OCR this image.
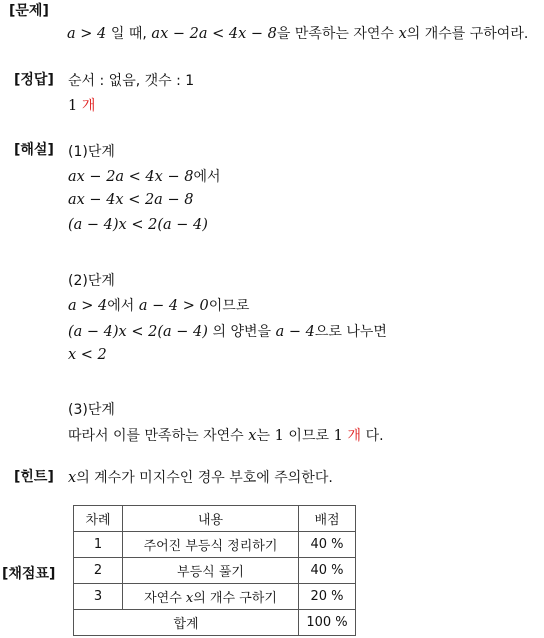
[문제]
[정답]
[해설]
[힌트]
[채점표]
a > 4 일 때, ax − 2a < 4x − 8을 만족하는 자연수 x의 개수를 구하여라.
순서 : 없음, 갯수 : 1
1 개
(1)단계
ax − 2a < 4x − 8에서
ax − 4x < 2a − 8
(a − 4)x < 2(a − 4)
(2)단계
a > 4에서 a − 4 > 0이므로
(a − 4)x < 2(a − 4) 의 양변을 a − 4으로 나누면
x < 2
(3)단계
따라서 이를 만족하는 자연수 x는 1 이므로 1 개 다.
x의 계수가 미지수인 경우 부호에 주의한다.
차례	내용	배점
1	주어진 부등식 정리하기	40 %
2	부등식 풀기	40 %
3	자연수 x의 개수 구하기	20 %
합계		100 %
